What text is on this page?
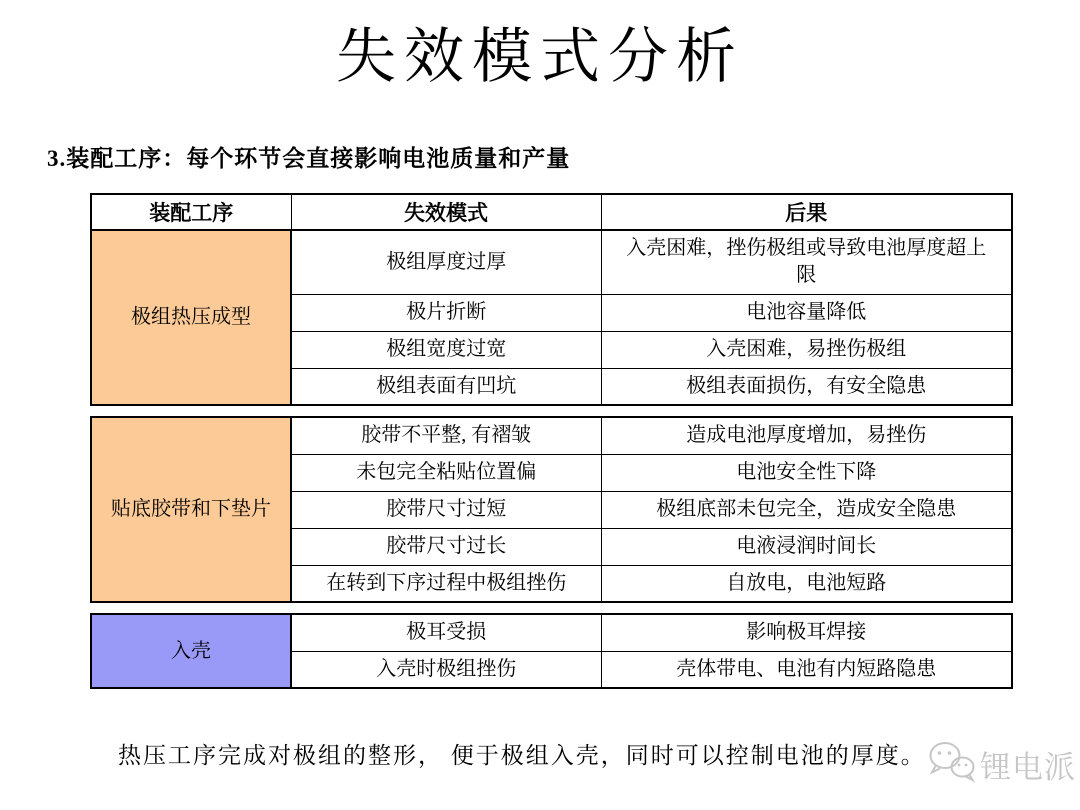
失效模式分析
3.装配工序：每个环节会直接影响电池质量和产量
装配工序	失效模式	后果
极组热压成型	极组厚度过厚	入壳困难，挫伤极组或导致电池厚度超上限
	极片折断	电池容量降低
	极组宽度过宽	入壳困难，易挫伤极组
	极组表面有凹坑	极组表面损伤，有安全隐患
贴底胶带和下垫片	胶带不平整, 有褶皱	造成电池厚度增加，易挫伤
	未包完全粘贴位置偏	电池安全性下降
	胶带尺寸过短	极组底部未包完全，造成安全隐患
	胶带尺寸过长	电液浸润时间长
	在转到下序过程中极组挫伤	自放电，电池短路
入壳	极耳受损	影响极耳焊接
	入壳时极组挫伤	壳体带电、电池有内短路隐患

热压工序完成对极组的整形， 便于极组入壳，同时可以控制电池的厚度。	锂电派
